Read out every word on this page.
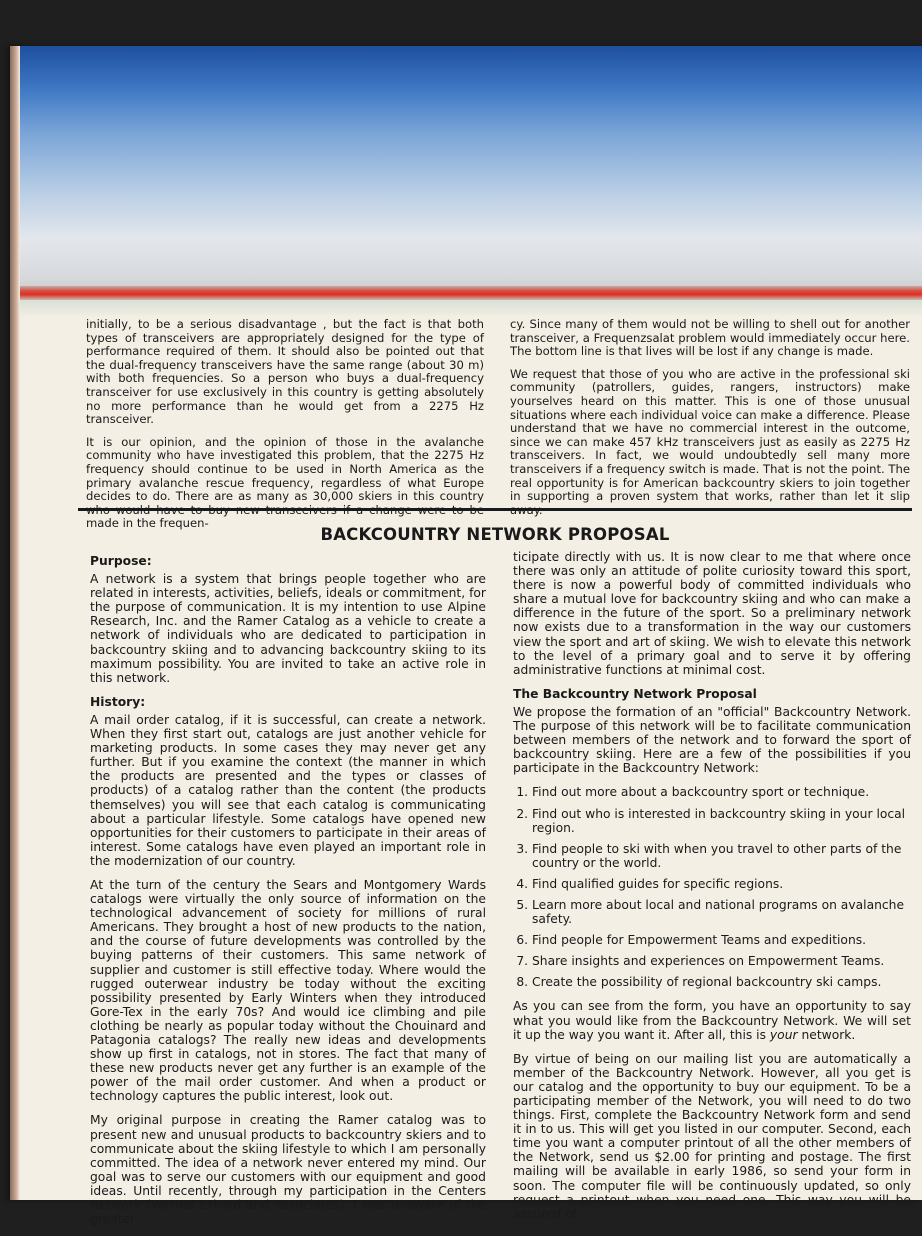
initially, to be a serious disadvantage , but the fact is that both types of transceivers are appropriately designed for the type of performance required of them. It should also be pointed out that the dual-frequency transceivers have the same range (about 30 m) with both frequencies. So a person who buys a dual-frequency transceiver for use exclusively in this country is getting absolutely no more performance than he would get from a 2275 Hz transceiver.

It is our opinion, and the opinion of those in the avalanche community who have investigated this problem, that the 2275 Hz frequency should continue to be used in North America as the primary avalanche rescue frequency, regardless of what Europe decides to do. There are as many as 30,000 skiers in this country made in the frequen-

cy. Since many of them would not be willing to shell out for another transceiver, a Frequenzsalat problem would immediately occur here. The bottom line is that lives will be lost if any change is made.

We request that those of you who are active in the professional ski community (patrollers, guides, rangers, instructors) make yourselves heard on this matter. This is one of those unusual situations where each individual voice can make a difference. Please understand that we have no commercial interest in the outcome, since we can make 457 kHz transceivers just as easily as 2275 Hz transceivers. In fact, we would undoubtedly sell many more transceivers if a frequency switch is made. That is not the point. The real opportunity is for American backcountry skiers to join together in supporting a proven system that works, rather than let it slip

BACKCOUNTRY NETWORK PROPOSAL
Purpose:

A network is a system that brings people together who are related in interests, activities, beliefs, ideals or commitment, for the purpose of communication. It is my intention to use Alpine Research, Inc. and the Ramer Catalog as a vehicle to create a network of individuals who are dedicated to participation in backcountry skiing and to advancing backcountry skiing to its maximum possibility. You are invited to take an active role in this network.

History:

A mail order catalog, if it is successful, can create a network. When they first start out, catalogs are just another vehicle for marketing products. In some cases they may never get any further. But if you examine the context (the manner in which the products are presented and the types or classes of products) of a catalog rather than the content (the products themselves) you will see that each catalog is communicating about a particular lifestyle. Some catalogs have opened new opportunities for their customers to participate in their areas of interest. Some catalogs have even played an important role in the modernization of our country.

At the turn of the century the Sears and Montgomery Wards catalogs were virtually the only source of information on the technological advancement of society for millions of rural Americans. They brought a host of new products to the nation, and the course of future developments was controlled by the buying patterns of their customers. This same network of supplier and customer is still effective today. Where would the rugged outerwear industry be today without the exciting possibility presented by Early Winters when they introduced Gore-Tex in the early 70s? And would ice climbing and pile clothing be nearly as popular today without the Chouinard and Patagonia catalogs? The really new ideas and developments show up first in catalogs, not in stores. The fact that many of these new products never get any further is an example of the power of the mail order customer. And when a product or technology captures the public interest, look out.

My original purpose in creating the Ramer catalog was to present new and unusual products to backcountry skiers and to communicate about the skiing lifestyle to which I am personally committed. The idea of a network never entered my mind. Our goal was to serve our customers with our equipment and good ideas. Until recently, through my participation in the Centers Network (Werner Erhard and Associates), I was unaware of the greater

ticipate directly with us. It is now clear to me that where once there was only an attitude of polite curiosity toward this sport, there is now a powerful body of committed individuals who share a mutual love for backcountry skiing and who can make a difference in the future of the sport. So a preliminary network now exists due to a transformation in the way our customers view the sport and art of skiing. We wish to elevate this network to the level of a primary goal and to serve it by offering administrative functions at minimal cost.

The Backcountry Network Proposal

We propose the formation of an "official" Backcountry Network. The purpose of this network will be to facilitate communication between members of the network and to forward the sport of backcountry skiing. Here are a few of the possibilities if you participate in the Backcountry Network:

1. Find out more about a backcountry sport or technique.
2. Find out who is interested in backcountry skiing in your local region.
3. Find people to ski with when you travel to other parts of the country or the world.
4. Find qualified guides for specific regions.
5. Learn more about local and national programs on avalanche safety.
6. Find people for Empowerment Teams and expeditions.
7. Share insights and experiences on Empowerment Teams.
8. Create the possibility of regional backcountry ski camps.

As you can see from the form, you have an opportunity to say what you would like from the Backcountry Network. We will set it up the way you want it. After all, this is your network.

By virtue of being on our mailing list you are automatically a member of the Backcountry Network. However, all you get is our catalog and the opportunity to buy our equipment. To be a participating member of the Network, you will need to do two things. First, complete the Backcountry Network form and send it in to us. This will get you listed in our computer. Second, each time you want a computer printout of all the other members of the Network, send us $2.00 for printing and postage. The first mailing will be available in early 1986, so send your form in soon. The computer file will be continuously updated, so only request a printout when you need one. This way you will be assured of
